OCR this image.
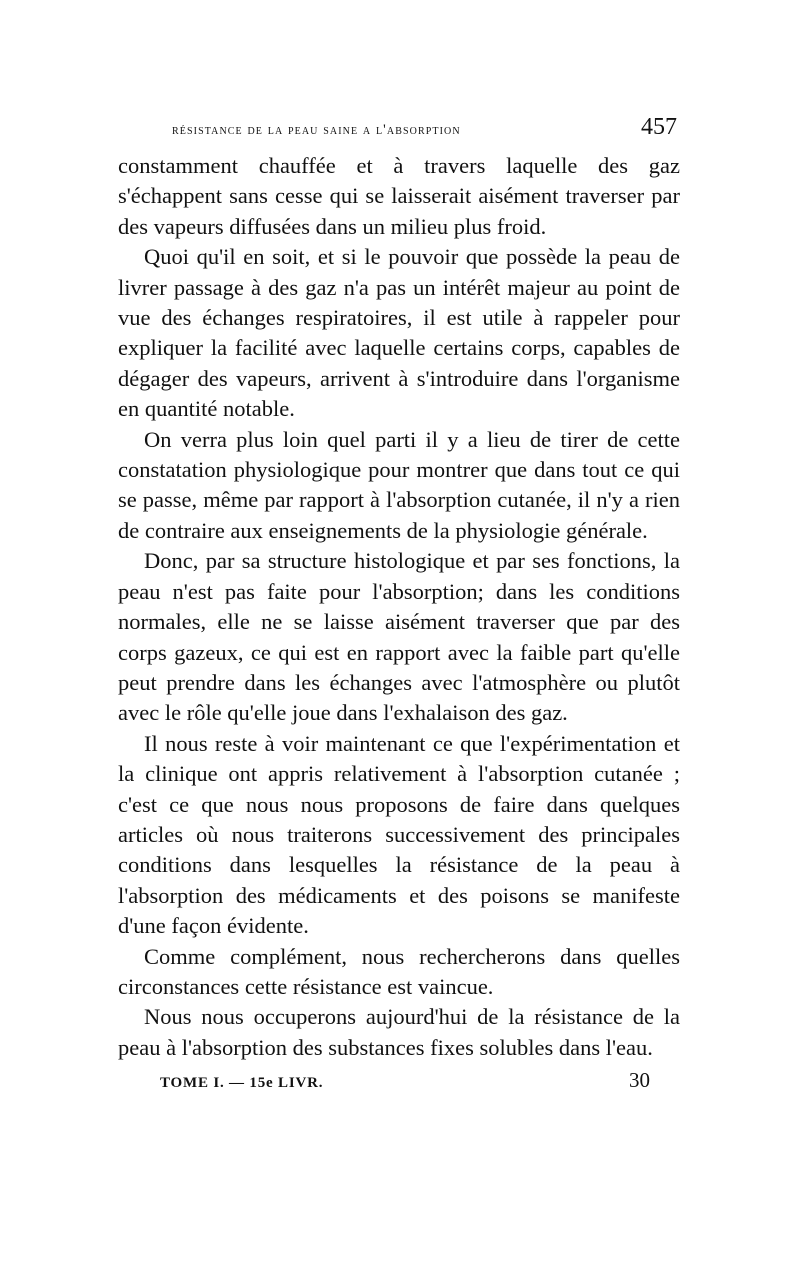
résistance de la peau saine a l'absorption	457

constamment chauffée et à travers laquelle des gaz s'échappent sans cesse qui se laisserait aisément traverser par des vapeurs diffusées dans un milieu plus froid.

Quoi qu'il en soit, et si le pouvoir que possède la peau de livrer passage à des gaz n'a pas un intérêt majeur au point de vue des échanges respiratoires, il est utile à rappeler pour expliquer la facilité avec laquelle certains corps, capables de dégager des vapeurs, arrivent à s'introduire dans l'organisme en quantité notable.

On verra plus loin quel parti il y a lieu de tirer de cette constatation physiologique pour montrer que dans tout ce qui se passe, même par rapport à l'absorption cutanée, il n'y a rien de contraire aux enseignements de la physiologie générale.

Donc, par sa structure histologique et par ses fonctions, la peau n'est pas faite pour l'absorption; dans les conditions normales, elle ne se laisse aisément traverser que par des corps gazeux, ce qui est en rapport avec la faible part qu'elle peut prendre dans les échanges avec l'atmosphère ou plutôt avec le rôle qu'elle joue dans l'exhalaison des gaz.

Il nous reste à voir maintenant ce que l'expérimentation et la clinique ont appris relativement à l'absorption cutanée ; c'est ce que nous nous proposons de faire dans quelques articles où nous traiterons successivement des principales conditions dans lesquelles la résistance de la peau à l'absorption des médicaments et des poisons se manifeste d'une façon évidente.

Comme complément, nous rechercherons dans quelles circonstances cette résistance est vaincue.

Nous nous occuperons aujourd'hui de la résistance de la peau à l'absorption des substances fixes solubles dans l'eau.

TOME I. — 15e LIVR.	30
